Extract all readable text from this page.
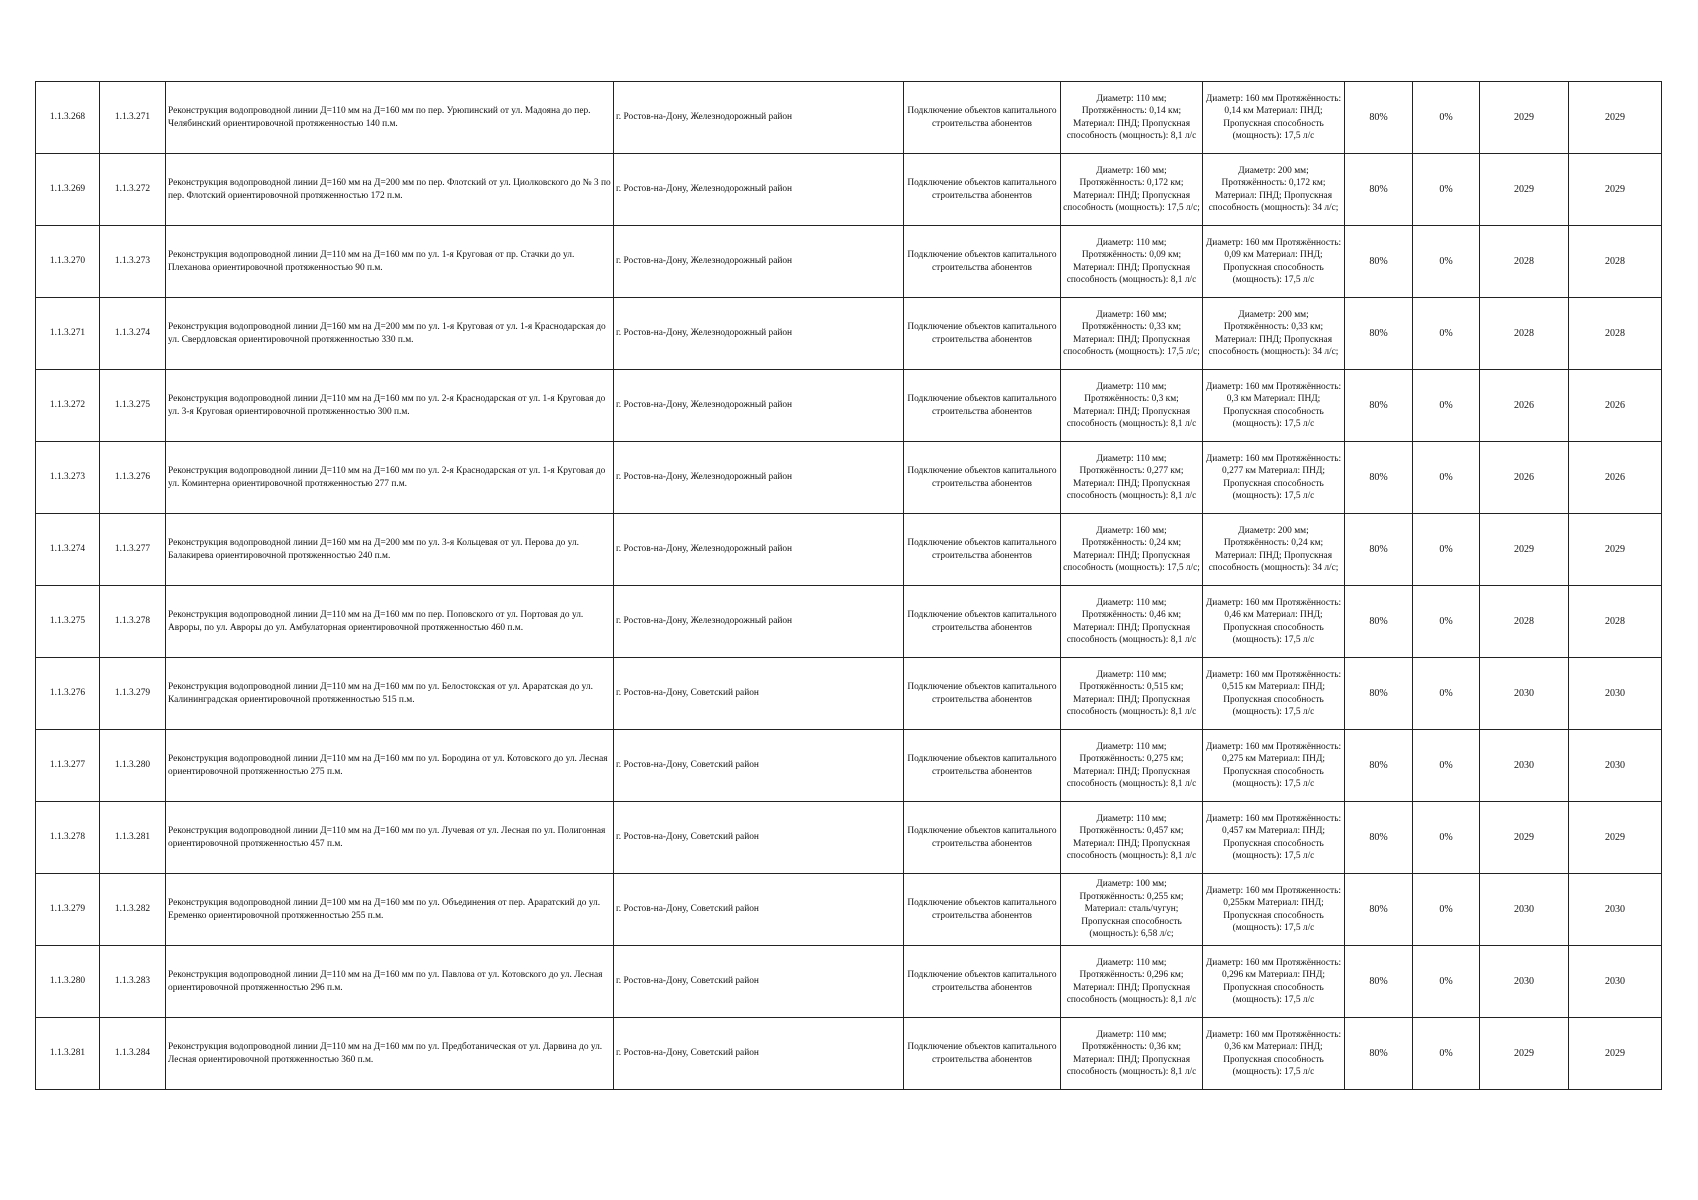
1.1.3.268	1.1.3.271	Реконструкция водопроводной линии Д=110 мм на Д=160 мм по пер. Урюпинский от ул. Мадояна до пер. Челябинский ориентировочной протяженностью 140 п.м.	г. Ростов-на-Дону, Железнодорожный район	Подключение объектов капитального строительства абонентов	Диаметр: 110 мм; Протяжённость: 0,14 км; Материал: ПНД; Пропускная способность (мощность): 8,1 л/с	Диаметр: 160 мм Протяжённость: 0,14 км Материал: ПНД; Пропускная способность (мощность): 17,5 л/с	80%	0%	2029	2029
1.1.3.269	1.1.3.272	Реконструкция водопроводной линии Д=160 мм на Д=200 мм по пер. Флотский от ул. Циолковского до № 3 по пер. Флотский ориентировочной протяженностью 172 п.м.	г. Ростов-на-Дону, Железнодорожный район	Подключение объектов капитального строительства абонентов	Диаметр: 160 мм; Протяжённость: 0,172 км; Материал: ПНД; Пропускная способность (мощность): 17,5 л/с;	Диаметр: 200 мм; Протяжённость: 0,172 км; Материал: ПНД; Пропускная способность (мощность): 34 л/с;	80%	0%	2029	2029
1.1.3.270	1.1.3.273	Реконструкция водопроводной линии Д=110 мм на Д=160 мм по ул. 1-я Круговая от пр. Стачки до ул. Плеханова ориентировочной протяженностью 90 п.м.	г. Ростов-на-Дону, Железнодорожный район	Подключение объектов капитального строительства абонентов	Диаметр: 110 мм; Протяжённость: 0,09 км; Материал: ПНД; Пропускная способность (мощность): 8,1 л/с	Диаметр: 160 мм Протяжённость: 0,09 км Материал: ПНД; Пропускная способность (мощность): 17,5 л/с	80%	0%	2028	2028
1.1.3.271	1.1.3.274	Реконструкция водопроводной линии Д=160 мм на Д=200 мм по ул. 1-я Круговая от ул. 1-я Краснодарская до ул. Свердловская ориентировочной протяженностью 330 п.м.	г. Ростов-на-Дону, Железнодорожный район	Подключение объектов капитального строительства абонентов	Диаметр: 160 мм; Протяжённость: 0,33 км; Материал: ПНД; Пропускная способность (мощность): 17,5 л/с;	Диаметр: 200 мм; Протяжённость: 0,33 км; Материал: ПНД; Пропускная способность (мощность): 34 л/с;	80%	0%	2028	2028
1.1.3.272	1.1.3.275	Реконструкция водопроводной линии Д=110 мм на Д=160 мм по ул. 2-я Краснодарская от ул. 1-я Круговая до ул. 3-я Круговая ориентировочной протяженностью 300 п.м.	г. Ростов-на-Дону, Железнодорожный район	Подключение объектов капитального строительства абонентов	Диаметр: 110 мм; Протяжённость: 0,3 км; Материал: ПНД; Пропускная способность (мощность): 8,1 л/с	Диаметр: 160 мм Протяжённость: 0,3 км Материал: ПНД; Пропускная способность (мощность): 17,5 л/с	80%	0%	2026	2026
1.1.3.273	1.1.3.276	Реконструкция водопроводной линии Д=110 мм на Д=160 мм по ул. 2-я Краснодарская от ул. 1-я Круговая до ул. Коминтерна ориентировочной протяженностью 277 п.м.	г. Ростов-на-Дону, Железнодорожный район	Подключение объектов капитального строительства абонентов	Диаметр: 110 мм; Протяжённость: 0,277 км; Материал: ПНД; Пропускная способность (мощность): 8,1 л/с	Диаметр: 160 мм Протяжённость: 0,277 км Материал: ПНД; Пропускная способность (мощность): 17,5 л/с	80%	0%	2026	2026
1.1.3.274	1.1.3.277	Реконструкция водопроводной линии Д=160 мм на Д=200 мм по ул. 3-я Кольцевая от ул. Перова до ул. Балакирева ориентировочной протяженностью 240 п.м.	г. Ростов-на-Дону, Железнодорожный район	Подключение объектов капитального строительства абонентов	Диаметр: 160 мм; Протяжённость: 0,24 км; Материал: ПНД; Пропускная способность (мощность): 17,5 л/с;	Диаметр: 200 мм; Протяжённость: 0,24 км; Материал: ПНД; Пропускная способность (мощность): 34 л/с;	80%	0%	2029	2029
1.1.3.275	1.1.3.278	Реконструкция водопроводной линии Д=110 мм на Д=160 мм по пер. Поповского от ул. Портовая до ул. Авроры, по ул. Авроры до ул. Амбулаторная ориентировочной протяженностью 460 п.м.	г. Ростов-на-Дону, Железнодорожный район	Подключение объектов капитального строительства абонентов	Диаметр: 110 мм; Протяжённость: 0,46 км; Материал: ПНД; Пропускная способность (мощность): 8,1 л/с	Диаметр: 160 мм Протяжённость: 0,46 км Материал: ПНД; Пропускная способность (мощность): 17,5 л/с	80%	0%	2028	2028
1.1.3.276	1.1.3.279	Реконструкция водопроводной линии Д=110 мм на Д=160 мм по ул. Белостокская от ул. Араратская до ул. Калининградская ориентировочной протяженностью 515 п.м.	г. Ростов-на-Дону, Советский район	Подключение объектов капитального строительства абонентов	Диаметр: 110 мм; Протяжённость: 0,515 км; Материал: ПНД; Пропускная способность (мощность): 8,1 л/с	Диаметр: 160 мм Протяжённость: 0,515 км Материал: ПНД; Пропускная способность (мощность): 17,5 л/с	80%	0%	2030	2030
1.1.3.277	1.1.3.280	Реконструкция водопроводной линии Д=110 мм на Д=160 мм по ул. Бородина от ул. Котовского до ул. Лесная ориентировочной протяженностью 275 п.м.	г. Ростов-на-Дону, Советский район	Подключение объектов капитального строительства абонентов	Диаметр: 110 мм; Протяжённость: 0,275 км; Материал: ПНД; Пропускная способность (мощность): 8,1 л/с	Диаметр: 160 мм Протяжённость: 0,275 км Материал: ПНД; Пропускная способность (мощность): 17,5 л/с	80%	0%	2030	2030
1.1.3.278	1.1.3.281	Реконструкция водопроводной линии Д=110 мм на Д=160 мм по ул. Лучевая от ул. Лесная по ул. Полигонная ориентировочной протяженностью 457 п.м.	г. Ростов-на-Дону, Советский район	Подключение объектов капитального строительства абонентов	Диаметр: 110 мм; Протяжённость: 0,457 км; Материал: ПНД; Пропускная способность (мощность): 8,1 л/с	Диаметр: 160 мм Протяжённость: 0,457 км Материал: ПНД; Пропускная способность (мощность): 17,5 л/с	80%	0%	2029	2029
1.1.3.279	1.1.3.282	Реконструкция водопроводной линии Д=100 мм на Д=160 мм по ул. Объединения от пер. Араратский до ул. Еременко ориентировочной протяженностью 255 п.м.	г. Ростов-на-Дону, Советский район	Подключение объектов капитального строительства абонентов	Диаметр: 100 мм; Протяжённость: 0,255 км; Материал: сталь/чугун; Пропускная способность (мощность): 6,58 л/с;	Диаметр: 160 мм Протяженность: 0,255км Материал: ПНД; Пропускная способность (мощность): 17,5 л/с	80%	0%	2030	2030
1.1.3.280	1.1.3.283	Реконструкция водопроводной линии Д=110 мм на Д=160 мм по ул. Павлова от ул. Котовского до ул. Лесная ориентировочной протяженностью 296 п.м.	г. Ростов-на-Дону, Советский район	Подключение объектов капитального строительства абонентов	Диаметр: 110 мм; Протяжённость: 0,296 км; Материал: ПНД; Пропускная способность (мощность): 8,1 л/с	Диаметр: 160 мм Протяжённость: 0,296 км Материал: ПНД; Пропускная способность (мощность): 17,5 л/с	80%	0%	2030	2030
1.1.3.281	1.1.3.284	Реконструкция водопроводной линии Д=110 мм на Д=160 мм по ул. Предботаническая от ул. Дарвина до ул. Лесная ориентировочной протяженностью 360 п.м.	г. Ростов-на-Дону, Советский район	Подключение объектов капитального строительства абонентов	Диаметр: 110 мм; Протяжённость: 0,36 км; Материал: ПНД; Пропускная способность (мощность): 8,1 л/с	Диаметр: 160 мм Протяжённость: 0,36 км Материал: ПНД; Пропускная способность (мощность): 17,5 л/с	80%	0%	2029	2029
